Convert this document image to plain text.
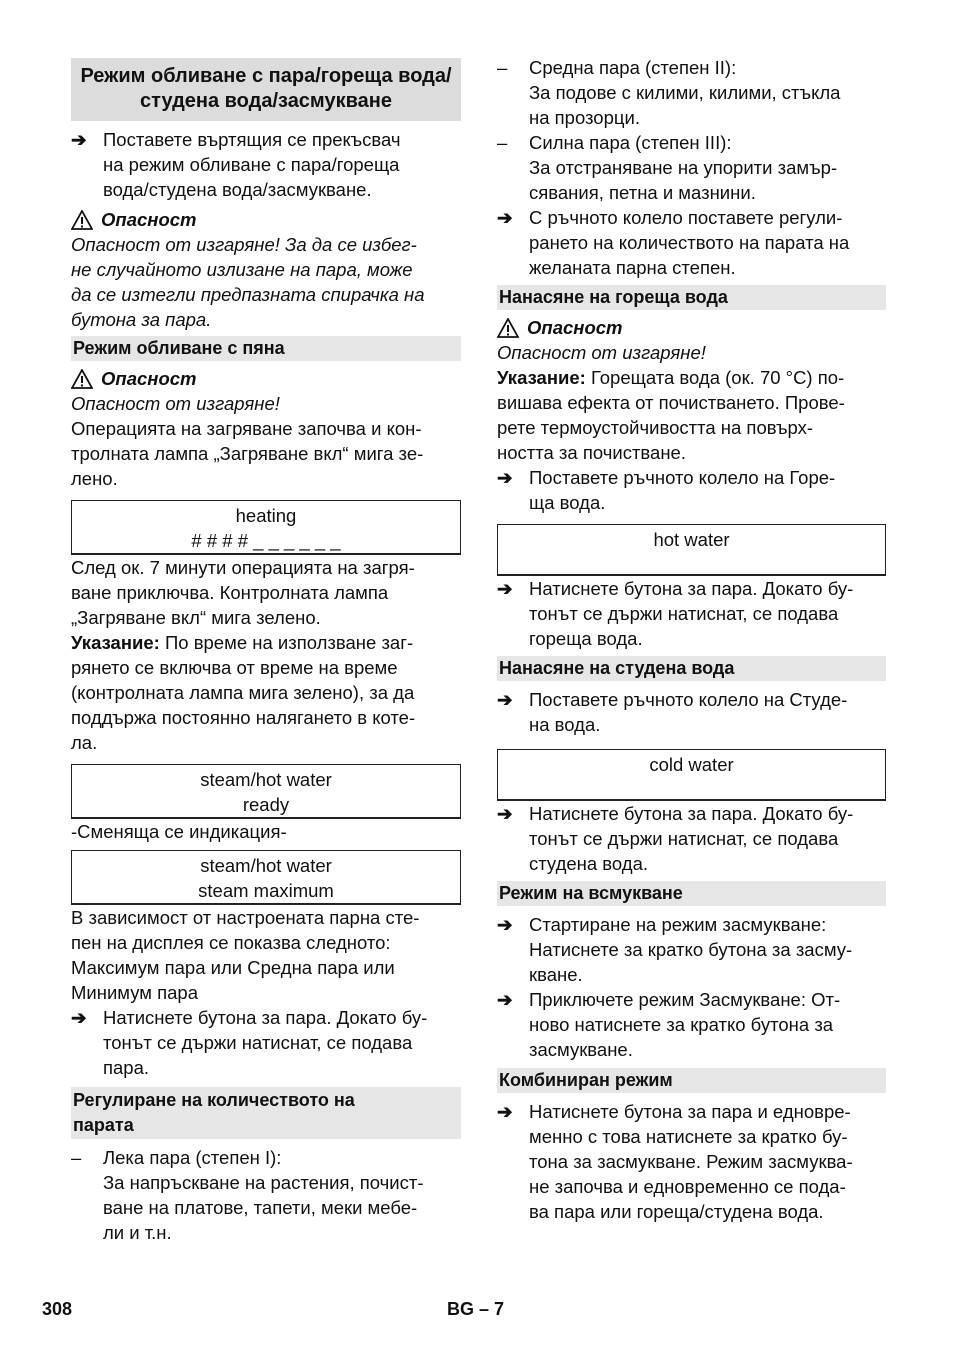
Режим обливане с пара/гореща вода/студена вода/засмукване
➔ Поставете въртящия се прекъсвач
на режим обливане с пара/гореща
вода/студена вода/засмукване.
Опасност
Опасност от изгаряне! За да се избег-
не случайното излизане на пара, може
да се изтегли предпазната спирачка на
бутона за пара.
Режим обливане с пяна
Опасност
Опасност от изгаряне!
Операцията на загряване започва и кон-
тролната лампа „Загряване вкл“ мига зе-
лено.
heating
# # # # _ _ _ _ _ _
След ок. 7 минути операцията на загря-
ване приключва. Контролната лампа
„Загряване вкл“ мига зелено.
Указание: По време на използване заг-
рянето се включва от време на време
(контролната лампа мига зелено), за да
поддържа постоянно налягането в коте-
ла.
steam/hot water
ready
-Сменяща се индикация-
steam/hot water
steam maximum
В зависимост от настроената парна сте-
пен на дисплея се показва следното:
Максимум пара или Средна пара или
Минимум пара
➔ Натиснете бутона за пара. Докато бу-
тонът се държи натиснат, се подава
пара.
Регулиране на количеството на
парата
– Лека пара (степен I):
За напръскване на растения, почист-
ване на платове, тапети, меки мебе-
ли и т.н.
– Средна пара (степен II):
За подове с килими, килими, стъкла
на прозорци.
– Силна пара (степен III):
За отстраняване на упорити замър-
сявания, петна и мазнини.
➔ С ръчното колело поставете регули-
рането на количеството на парата на
желаната парна степен.
Нанасяне на гореща вода
Опасност
Опасност от изгаряне!
Указание: Горещата вода (ок. 70 °C) по-
вишава ефекта от почистването. Прове-
рете термоустойчивостта на повърх-
ността за почистване.
➔ Поставете ръчното колело на Горе-
ща вода.
hot water
➔ Натиснете бутона за пара. Докато бу-
тонът се държи натиснат, се подава
гореща вода.
Нанасяне на студена вода
➔ Поставете ръчното колело на Студе-
на вода.
cold water
➔ Натиснете бутона за пара. Докато бу-
тонът се държи натиснат, се подава
студена вода.
Режим на всмукване
➔ Стартиране на режим засмукване:
Натиснете за кратко бутона за засму-
кване.
➔ Приключете режим Засмукване: От-
ново натиснете за кратко бутона за
засмукване.
Комбиниран режим
➔ Натиснете бутона за пара и едновре-
менно с това натиснете за кратко бу-
тона за засмукване. Режим засмуква-
не започва и едновременно се пода-
ва пара или гореща/студена вода.
308	BG – 7
